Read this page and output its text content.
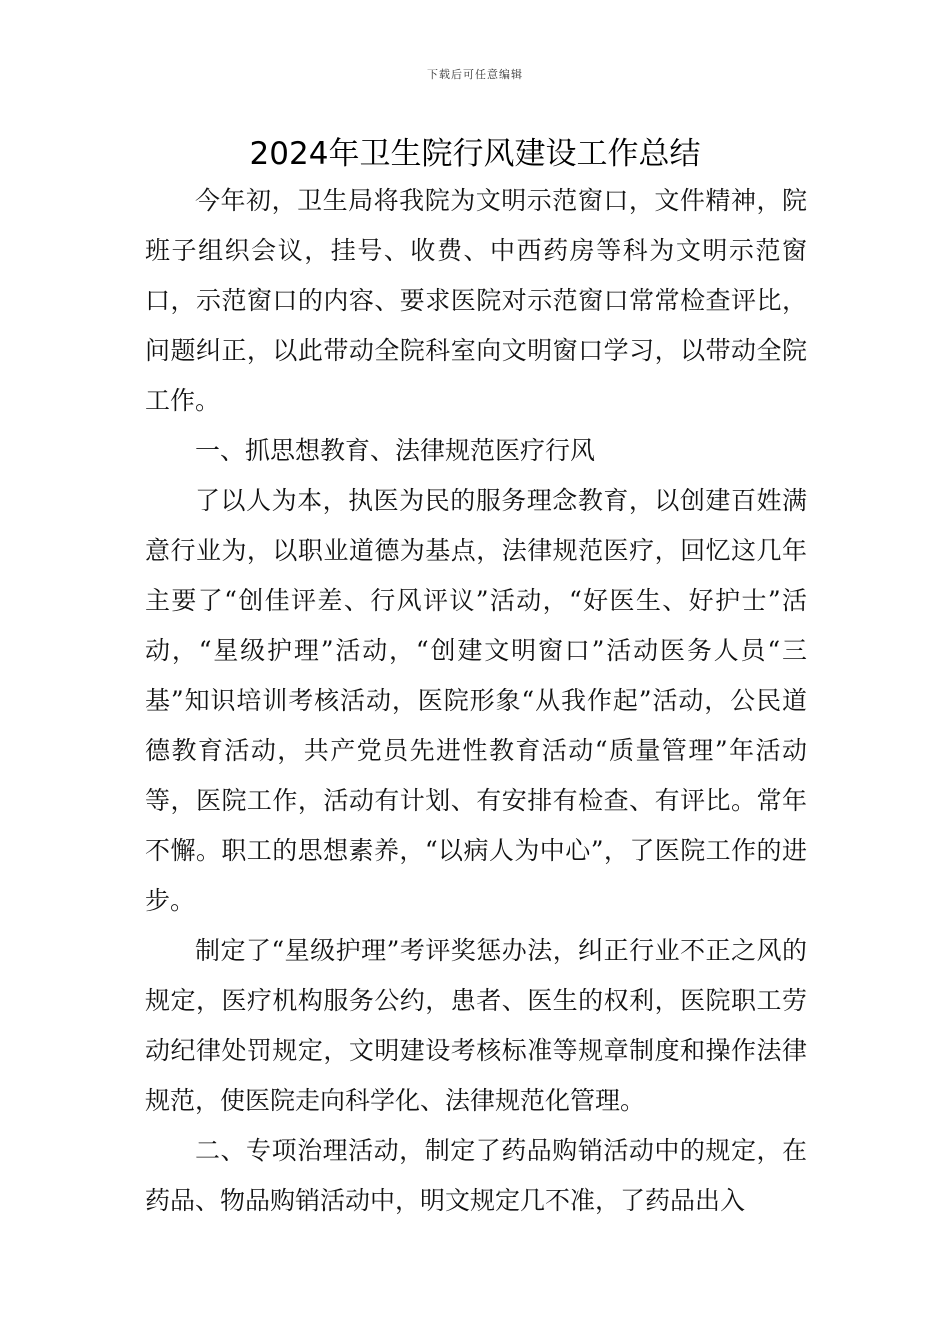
下载后可任意编辑
2024年卫生院行风建设工作总结

今年初，卫生局将我院为文明示范窗口，文件精神，院班子组织会议，挂号、收费、中西药房等科为文明示范窗口，示范窗口的内容、要求医院对示范窗口常常检查评比，问题纠正，以此带动全院科室向文明窗口学习，以带动全院工作。

一、抓思想教育、法律规范医疗行风

了以人为本，执医为民的服务理念教育，以创建百姓满意行业为，以职业道德为基点，法律规范医疗，回忆这几年主要了“创佳评差、行风评议”活动，“好医生、好护士”活动，“星级护理”活动，“创建文明窗口”活动医务人员“三基”知识培训考核活动，医院形象“从我作起”活动，公民道德教育活动，共产党员先进性教育活动“质量管理”年活动等，医院工作，活动有计划、有安排有检查、有评比。常年不懈。职工的思想素养，“以病人为中心”，了医院工作的进步。

制定了“星级护理”考评奖惩办法，纠正行业不正之风的规定，医疗机构服务公约，患者、医生的权利，医院职工劳动纪律处罚规定，文明建设考核标准等规章制度和操作法律规范，使医院走向科学化、法律规范化管理。

二、专项治理活动，制定了药品购销活动中的规定，在药品、物品购销活动中，明文规定几不准，了药品出入
